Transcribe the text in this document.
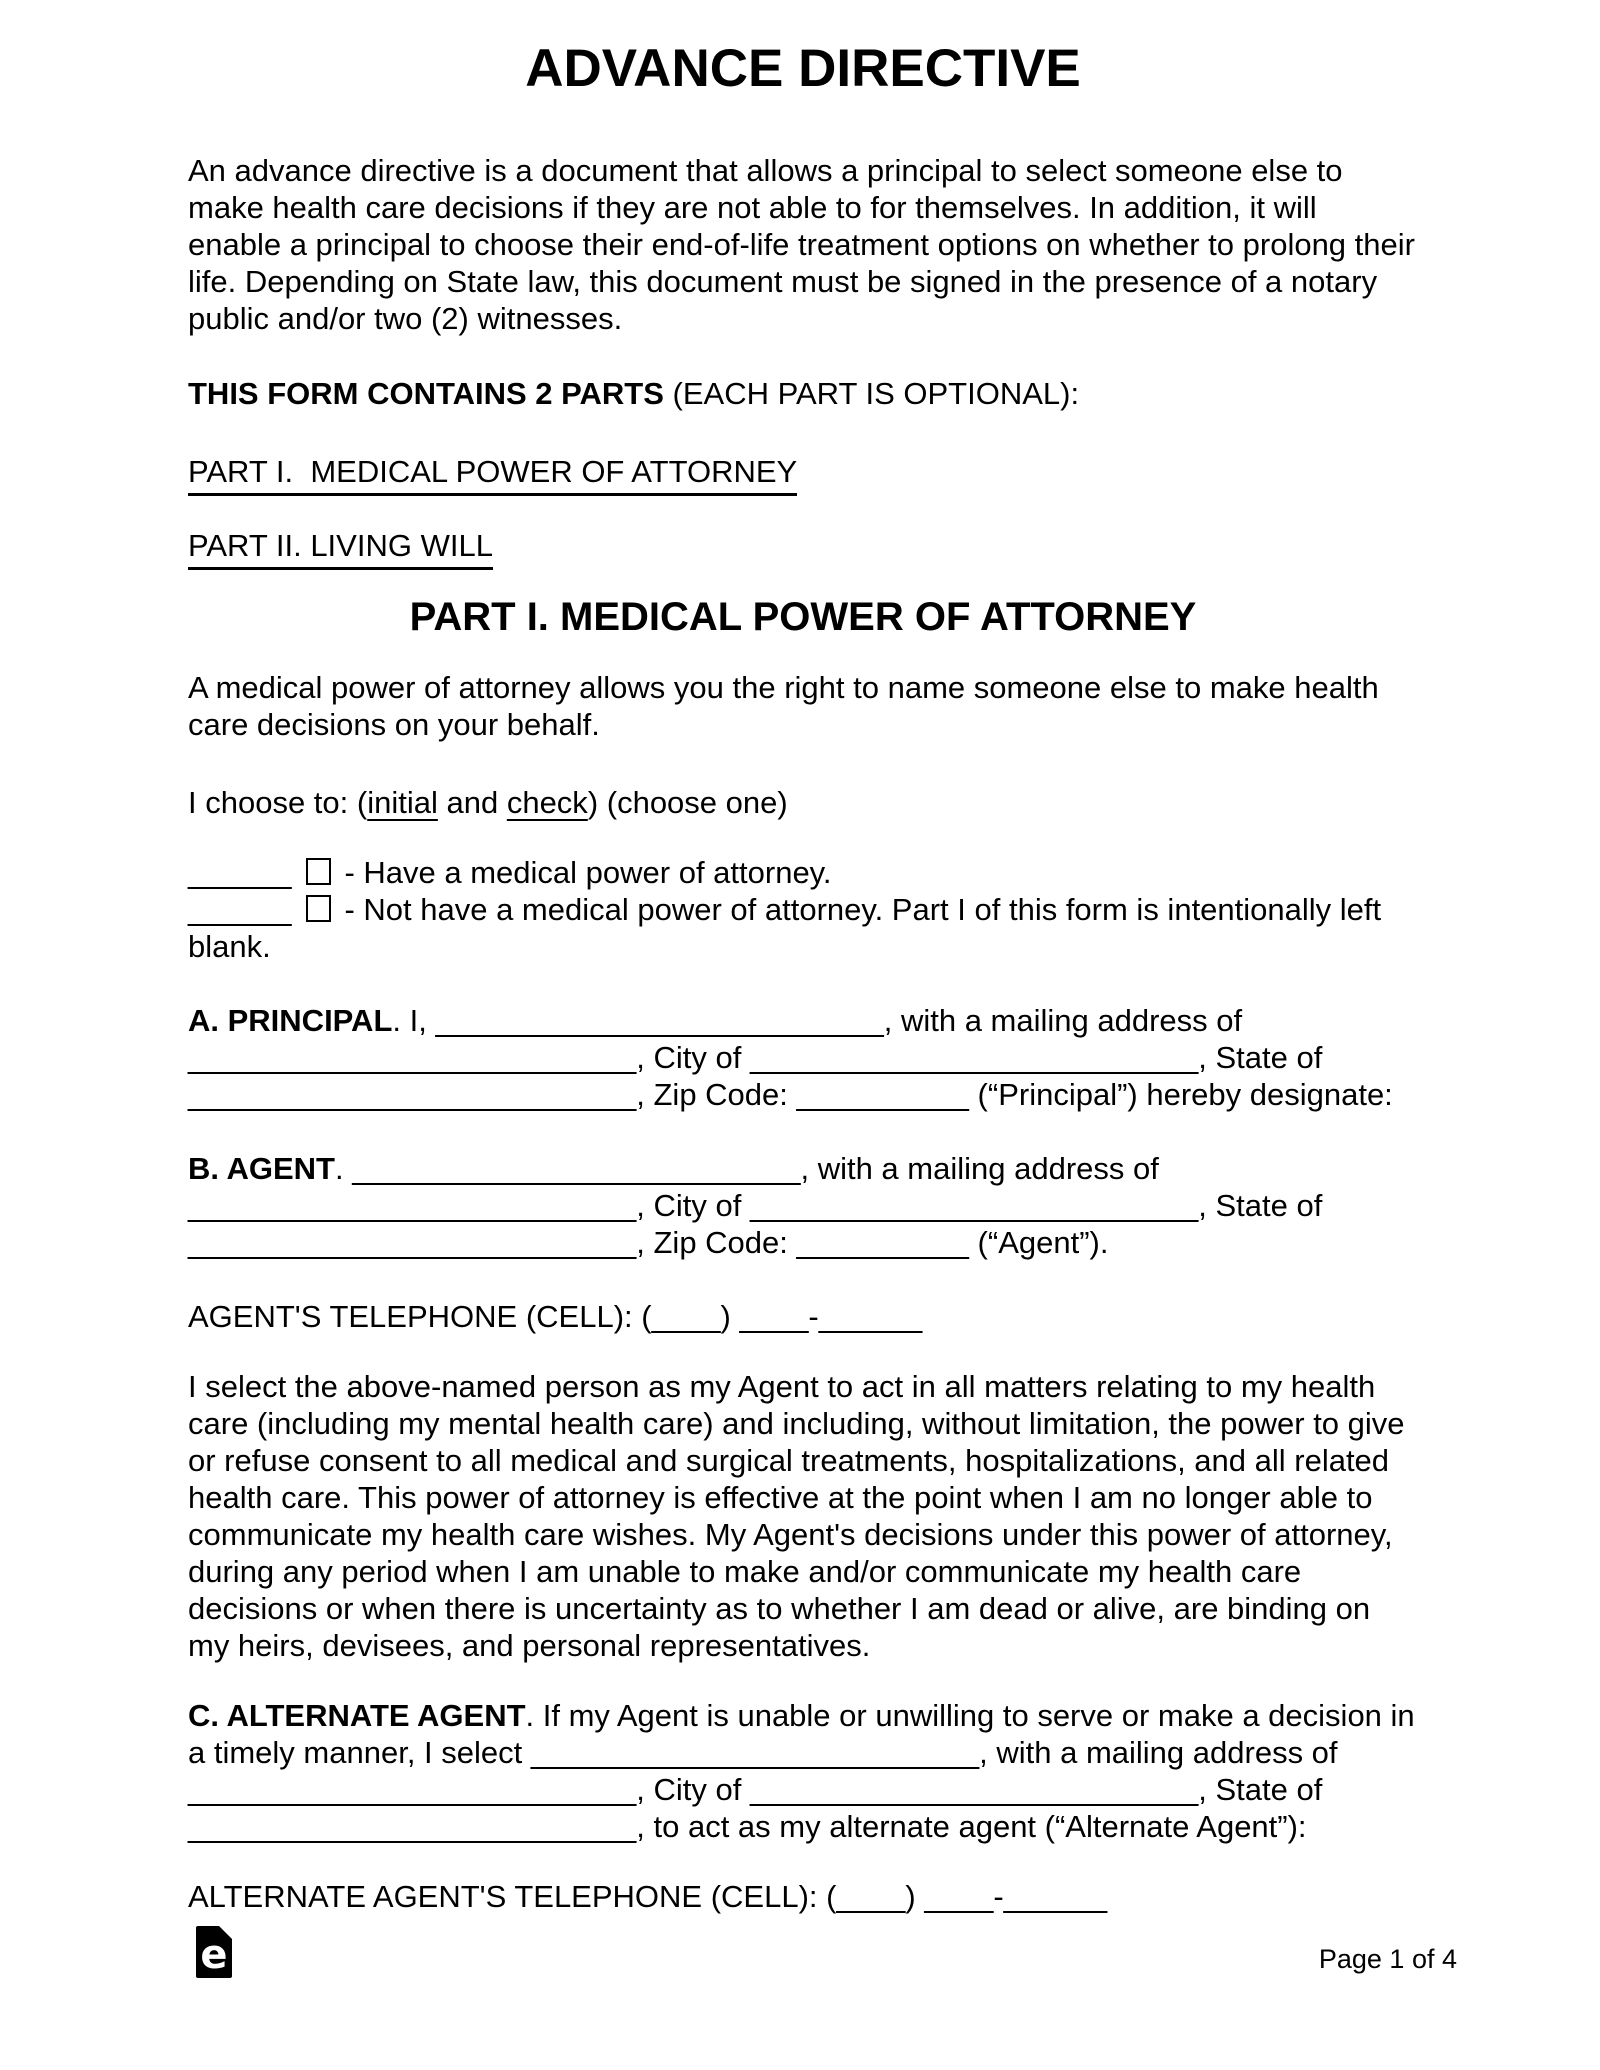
ADVANCE DIRECTIVE

An advance directive is a document that allows a principal to select someone else to make health care decisions if they are not able to for themselves. In addition, it will enable a principal to choose their end-of-life treatment options on whether to prolong their life. Depending on State law, this document must be signed in the presence of a notary public and/or two (2) witnesses.

THIS FORM CONTAINS 2 PARTS (EACH PART IS OPTIONAL):

PART I.  MEDICAL POWER OF ATTORNEY

PART II. LIVING WILL

PART I. MEDICAL POWER OF ATTORNEY

A medical power of attorney allows you the right to name someone else to make health care decisions on your behalf.

I choose to: (initial and check) (choose one)

______ - Have a medical power of attorney.

______ - Not have a medical power of attorney. Part I of this form is intentionally left blank.

A. PRINCIPAL. I, __________________________, with a mailing address of __________________________, City of __________________________, State of __________________________, Zip Code: __________ (“Principal”) hereby designate:

B. AGENT. __________________________, with a mailing address of __________________________, City of __________________________, State of __________________________, Zip Code: __________ (“Agent”).

AGENT'S TELEPHONE (CELL): (____) ____-______

I select the above-named person as my Agent to act in all matters relating to my health care (including my mental health care) and including, without limitation, the power to give or refuse consent to all medical and surgical treatments, hospitalizations, and all related health care. This power of attorney is effective at the point when I am no longer able to communicate my health care wishes. My Agent's decisions under this power of attorney, during any period when I am unable to make and/or communicate my health care decisions or when there is uncertainty as to whether I am dead or alive, are binding on my heirs, devisees, and personal representatives.

C. ALTERNATE AGENT. If my Agent is unable or unwilling to serve or make a decision in a timely manner, I select __________________________, with a mailing address of __________________________, City of __________________________, State of __________________________, to act as my alternate agent (“Alternate Agent”):

ALTERNATE AGENT'S TELEPHONE (CELL): (____) ____-______

e	Page 1 of 4
